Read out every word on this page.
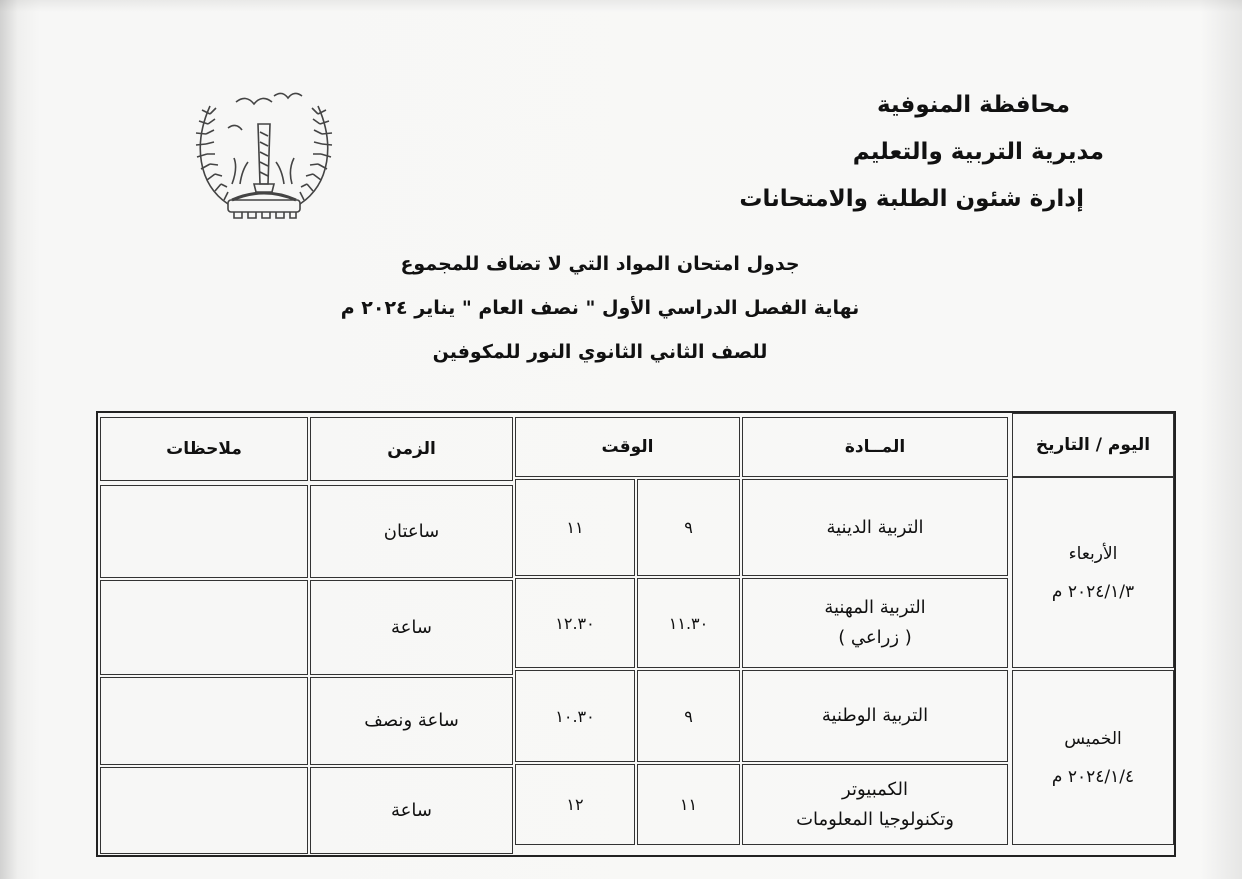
محافظة المنوفية
مديرية التربية والتعليم
إدارة شئون الطلبة والامتحانات
جدول امتحان المواد التي لا تضاف للمجموع
نهاية الفصل الدراسي الأول " نصف العام " يناير ٢٠٢٤ م
للصف الثاني الثانوي النور للمكوفين
اليوم / التاريخ
المــادة
الوقت
الزمن
ملاحظات
الأربعاء
٢٠٢٤/١/٣ م
التربية الدينية
٩
١١
ساعتان
التربية المهنية
( زراعي )
١١.٣٠
١٢.٣٠
ساعة
الخميس
٢٠٢٤/١/٤ م
التربية الوطنية
٩
١٠.٣٠
ساعة ونصف
الكمبيوتر
وتكنولوجيا المعلومات
١١
١٢
ساعة
